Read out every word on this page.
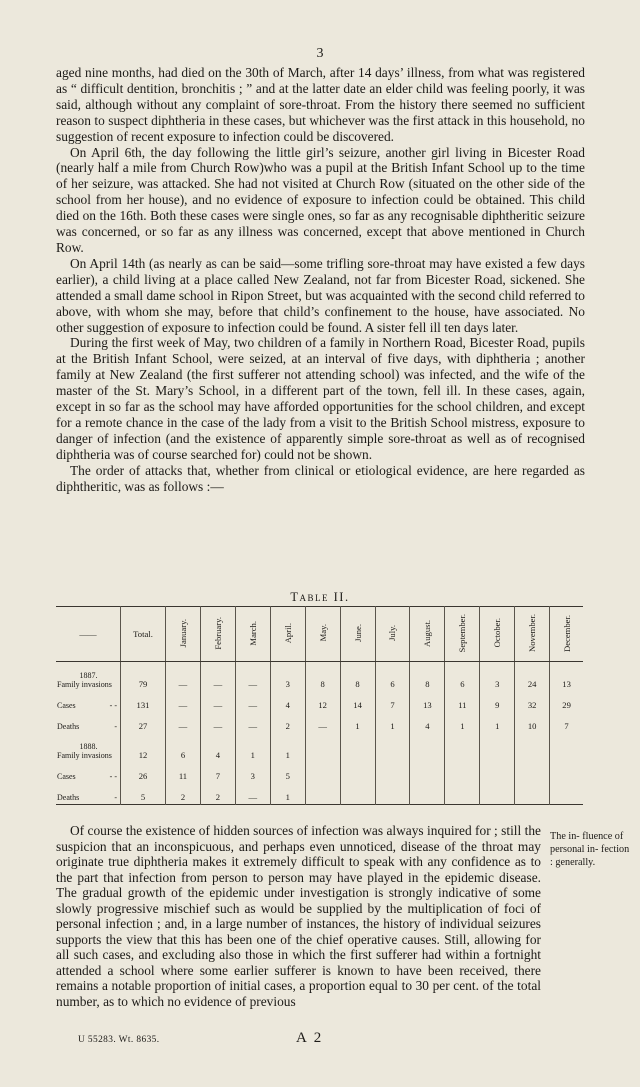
3

aged nine months, had died on the 30th of March, after 14 days’ illness, from what was registered as “ difficult dentition, bronchitis ; ” and at the latter date an elder child was feeling poorly, it was said, although without any complaint of sore-throat. From the history there seemed no sufficient reason to suspect diphtheria in these cases, but whichever was the first attack in this household, no suggestion of recent exposure to infection could be discovered.

On April 6th, the day following the little girl’s seizure, another girl living in Bicester Road (nearly half a mile from Church Row)who was a pupil at the British Infant School up to the time of her seizure, was attacked. She had not visited at Church Row (situated on the other side of the school from her house), and no evidence of exposure to infection could be obtained. This child died on the 16th. Both these cases were single ones, so far as any recognisable diphtheritic seizure was concerned, or so far as any illness was concerned, except that above mentioned in Church Row.

On April 14th (as nearly as can be said—some trifling sore-throat may have existed a few days earlier), a child living at a place called New Zealand, not far from Bicester Road, sickened. She attended a small dame school in Ripon Street, but was acquainted with the second child referred to above, with whom she may, before that child’s confinement to the house, have associated. No other suggestion of exposure to infection could be found. A sister fell ill ten days later.

During the first week of May, two children of a family in Northern Road, Bicester Road, pupils at the British Infant School, were seized, at an interval of five days, with diphtheria ; another family at New Zealand (the first sufferer not attending school) was infected, and the wife of the master of the St. Mary’s School, in a different part of the town, fell ill. In these cases, again, except in so far as the school may have afforded opportunities for the school children, and except for a remote chance in the case of the lady from a visit to the British School mistress, exposure to danger of infection (and the existence of apparently simple sore-throat as well as of recognised diphtheria was of course searched for) could not be shown.

The order of attacks that, whether from clinical or etiological evidence, are here regarded as diphtheritic, was as follows :—

Table II.
——	Total.	January.	February.	March.	April.	May.	June.	July.	August.	September.	October.	November.	December.

1887.
Family invasions	79	—	—	—	3	8	8	6	8	6	3	24	13
Cases - -	131	—	—	—	4	12	14	7	13	11	9	32	29
Deaths -	27	—	—	—	2	—	1	1	4	1	1	10	7

1888.
Family invasions	12	6	4	1	1								
Cases - -	26	11	7	3	5								
Deaths -	5	2	2	—	1								

Of course the existence of hidden sources of infection was always inquired for ; still the suspicion that an inconspicuous, and perhaps even unnoticed, disease of the throat may originate true diphtheria makes it extremely difficult to speak with any confidence as to the part that infection from person to person may have played in the epidemic disease. The gradual growth of the epidemic under investigation is strongly indicative of some slowly progressive mischief such as would be supplied by the multiplication of foci of personal infection ; and, in a large number of instances, the history of individual seizures supports the view that this has been one of the chief operative causes. Still, allowing for all such cases, and excluding also those in which the first sufferer had within a fortnight attended a school where some earlier sufferer is known to have been received, there remains a notable proportion of initial cases, a proportion equal to 30 per cent. of the total number, as to which no evidence of previous

The in- fluence of personal in- fection : generally.
U 55283. Wt. 8635.	A 2
